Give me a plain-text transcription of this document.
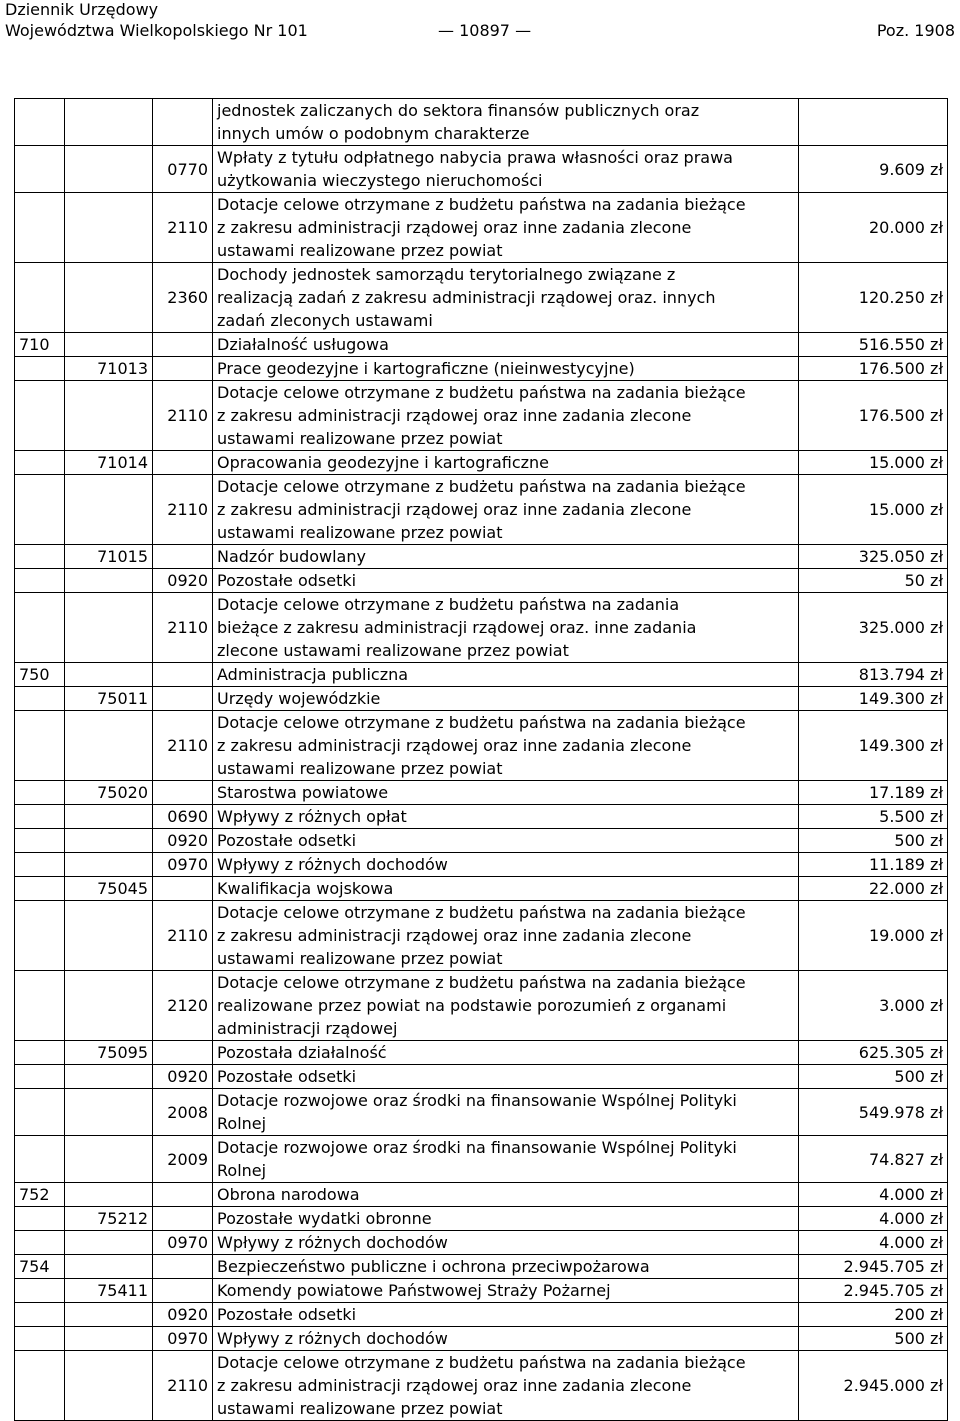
Dziennik Urzędowy
Województwa Wielkopolskiego Nr 101	— 10897 —	Poz. 1908

			jednostek zaliczanych do sektora finansów publicznych oraz
innych umów o podobnym charakterze	

		0770	Wpłaty z tytułu odpłatnego nabycia prawa własności oraz prawa
użytkowania wieczystego nieruchomości	9.609 zł
		2110	Dotacje celowe otrzymane z budżetu państwa na zadania bieżące
z zakresu administracji rządowej oraz inne zadania zlecone
ustawami realizowane przez powiat	20.000 zł
		2360	Dochody jednostek samorządu terytorialnego związane z
realizacją zadań z zakresu administracji rządowej oraz. innych
zadań zleconych ustawami	120.250 zł
710			Działalność usługowa	516.550 zł
	71013		Prace geodezyjne i kartograficzne (nieinwestycyjne)	176.500 zł
		2110	Dotacje celowe otrzymane z budżetu państwa na zadania bieżące
z zakresu administracji rządowej oraz inne zadania zlecone
ustawami realizowane przez powiat	176.500 zł
	71014		Opracowania geodezyjne i kartograficzne	15.000 zł
		2110	Dotacje celowe otrzymane z budżetu państwa na zadania bieżące
z zakresu administracji rządowej oraz inne zadania zlecone
ustawami realizowane przez powiat	15.000 zł
	71015		Nadzór budowlany	325.050 zł
		0920	Pozostałe odsetki	50 zł
		2110	Dotacje celowe otrzymane z budżetu państwa na zadania
bieżące z zakresu administracji rządowej oraz. inne zadania
zlecone ustawami realizowane przez powiat	325.000 zł
750			Administracja publiczna	813.794 zł
	75011		Urzędy wojewódzkie	149.300 zł
		2110	Dotacje celowe otrzymane z budżetu państwa na zadania bieżące
z zakresu administracji rządowej oraz inne zadania zlecone
ustawami realizowane przez powiat	149.300 zł
	75020		Starostwa powiatowe	17.189 zł
		0690	Wpływy z różnych opłat	5.500 zł
		0920	Pozostałe odsetki	500 zł
		0970	Wpływy z różnych dochodów	11.189 zł
	75045		Kwalifikacja wojskowa	22.000 zł
		2110	Dotacje celowe otrzymane z budżetu państwa na zadania bieżące
z zakresu administracji rządowej oraz inne zadania zlecone
ustawami realizowane przez powiat	19.000 zł
		2120	Dotacje celowe otrzymane z budżetu państwa na zadania bieżące
realizowane przez powiat na podstawie porozumień z organami
administracji rządowej	3.000 zł
	75095		Pozostała działalność	625.305 zł
		0920	Pozostałe odsetki	500 zł
		2008	Dotacje rozwojowe oraz środki na finansowanie Wspólnej Polityki
Rolnej	549.978 zł
		2009	Dotacje rozwojowe oraz środki na finansowanie Wspólnej Polityki
Rolnej	74.827 zł
752			Obrona narodowa	4.000 zł
	75212		Pozostałe wydatki obronne	4.000 zł
		0970	Wpływy z różnych dochodów	4.000 zł
754			Bezpieczeństwo publiczne i ochrona przeciwpożarowa	2.945.705 zł
	75411		Komendy powiatowe Państwowej Straży Pożarnej	2.945.705 zł
		0920	Pozostałe odsetki	200 zł
		0970	Wpływy z różnych dochodów	500 zł
		2110	Dotacje celowe otrzymane z budżetu państwa na zadania bieżące
z zakresu administracji rządowej oraz inne zadania zlecone
ustawami realizowane przez powiat	2.945.000 zł
